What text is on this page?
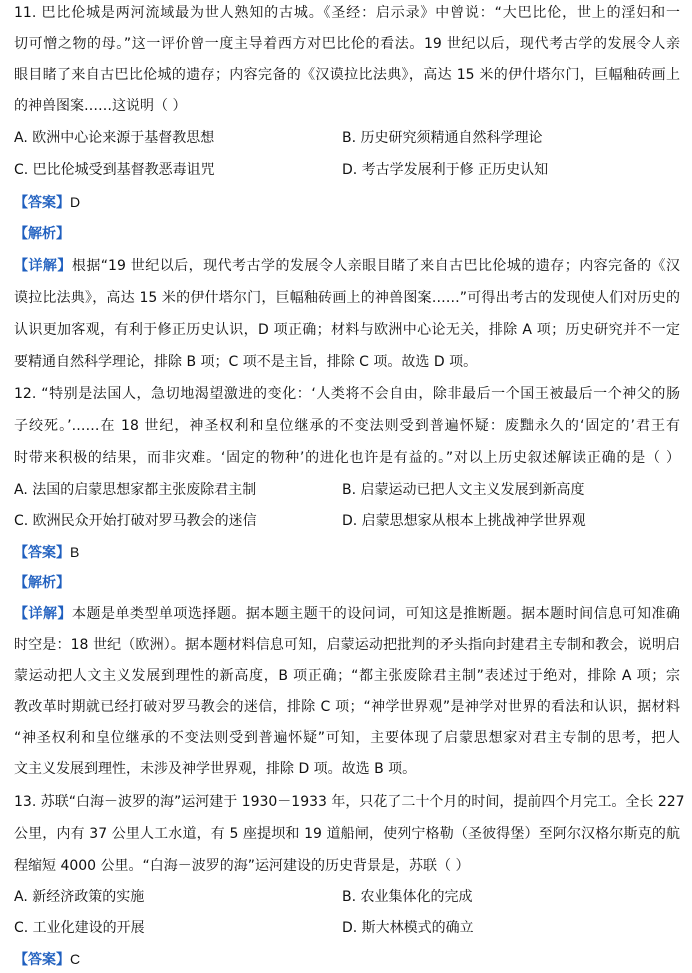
11. 巴比伦城是两河流域最为世人熟知的古城。《圣经：启示录》中曾说：“大巴比伦，世上的淫妇和一
切可憎之物的母。”这一评价曾一度主导着西方对巴比伦的看法。19 世纪以后，现代考古学的发展令人亲
眼目睹了来自古巴比伦城的遗存；内容完备的《汉谟拉比法典》，高达 15 米的伊什塔尔门，巨幅釉砖画上
的神兽图案……这说明（ ）
A. 欧洲中心论来源于基督教思想	B. 历史研究须精通自然科学理论
C. 巴比伦城受到基督教恶毒诅咒	D. 考古学发展利于修 正历史认知
【答案】D
【解析】
【详解】根据“19 世纪以后，现代考古学的发展令人亲眼目睹了来自古巴比伦城的遗存；内容完备的《汉
谟拉比法典》，高达 15 米的伊什塔尔门，巨幅釉砖画上的神兽图案……”可得出考古的发现使人们对历史的
认识更加客观，有利于修正历史认识，D 项正确；材料与欧洲中心论无关，排除 A 项；历史研究并不一定
要精通自然科学理论，排除 B 项；C 项不是主旨，排除 C 项。故选 D 项。
12. “特别是法国人，急切地渴望激进的变化：‘人类将不会自由，除非最后一个国王被最后一个神父的肠
子绞死。’……在 18 世纪，神圣权利和皇位继承的不变法则受到普遍怀疑：废黜永久的‘固定的’君王有
时带来积极的结果，而非灾难。‘固定的物种’的进化也许是有益的。”对以上历史叙述解读正确的是（ ）
A. 法国的启蒙思想家都主张废除君主制	B. 启蒙运动已把人文主义发展到新高度
C. 欧洲民众开始打破对罗马教会的迷信	D. 启蒙思想家从根本上挑战神学世界观
【答案】B
【解析】
【详解】本题是单类型单项选择题。据本题主题干的设问词，可知这是推断题。据本题时间信息可知准确
时空是：18 世纪（欧洲）。据本题材料信息可知，启蒙运动把批判的矛头指向封建君主专制和教会，说明启
蒙运动把人文主义发展到理性的新高度，B 项正确；“都主张废除君主制”表述过于绝对，排除 A 项；宗
教改革时期就已经打破对罗马教会的迷信，排除 C 项；“神学世界观”是神学对世界的看法和认识，据材料
“神圣权利和皇位继承的不变法则受到普遍怀疑”可知，主要体现了启蒙思想家对君主专制的思考，把人
文主义发展到理性，未涉及神学世界观，排除 D 项。故选 B 项。
13. 苏联“白海－波罗的海”运河建于 1930－1933 年，只花了二十个月的时间，提前四个月完工。全长 227
公里，内有 37 公里人工水道，有 5 座提坝和 19 道船闸，使列宁格勒（圣彼得堡）至阿尔汉格尔斯克的航
程缩短 4000 公里。“白海－波罗的海”运河建设的历史背景是，苏联（ ）
A. 新经济政策的实施	B. 农业集体化的完成
C. 工业化建设的开展	D. 斯大林模式的确立
【答案】C
